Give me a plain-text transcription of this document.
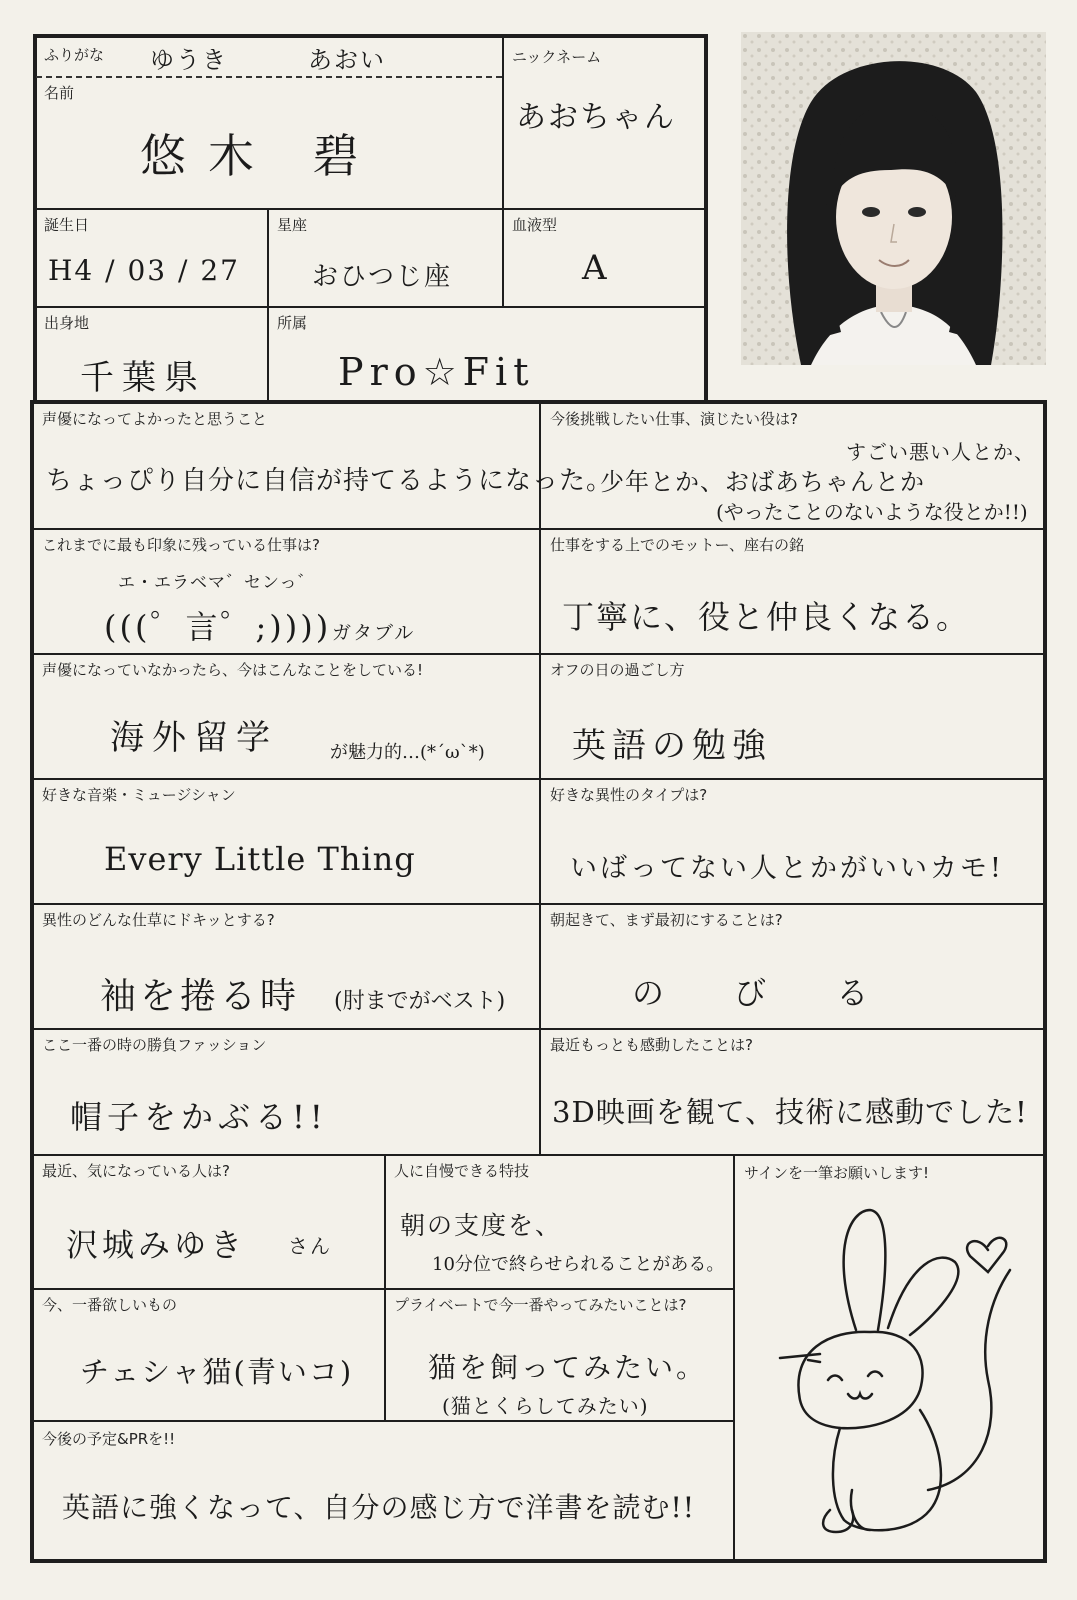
ふりがな ゆうき	あおい
名前
悠木 碧
ニックネーム
あおちゃん
誕生日
H4 / 03 / 27
星座
おひつじ座
血液型
A
出身地
千葉県
所属
Pro☆Fit
声優になってよかったと思うこと
ちょっぴり自分に自信が持てるようになった。
今後挑戦したい仕事、演じたい役は?
すごい悪い人とか、
少年とか、おばあちゃんとか
(やったことのないような役とか!!)
これまでに最も印象に残っている仕事は?
エ・エラベマ゛センっ゛
(((゜言゜;)))) ガタブル
仕事をする上でのモットー、座右の銘
丁寧に、役と仲良くなる。
声優になっていなかったら、今はこんなことをしている!
海外留学	が魅力的…(*´ω`*)
オフの日の過ごし方
英語の勉強
好きな音楽・ミュージシャン
Every Little Thing
好きな異性のタイプは?
いばってない人とかがいいカモ!
異性のどんな仕草にドキッとする?
袖を捲る時 (肘までがベスト)
朝起きて、まず最初にすることは?
の び る
ここ一番の時の勝負ファッション
帽子をかぶる!!
最近もっとも感動したことは?
3D映画を観て、技術に感動でした!
最近、気になっている人は?
沢城みゆき さん
人に自慢できる特技
朝の支度を、
10分位で終らせられることがある。
今、一番欲しいもの
チェシャ猫(青いコ)
プライベートで今一番やってみたいことは?
猫を飼ってみたい。
(猫とくらしてみたい)
今後の予定&PRを!!
英語に強くなって、自分の感じ方で洋書を読む!!
サインを一筆お願いします!
